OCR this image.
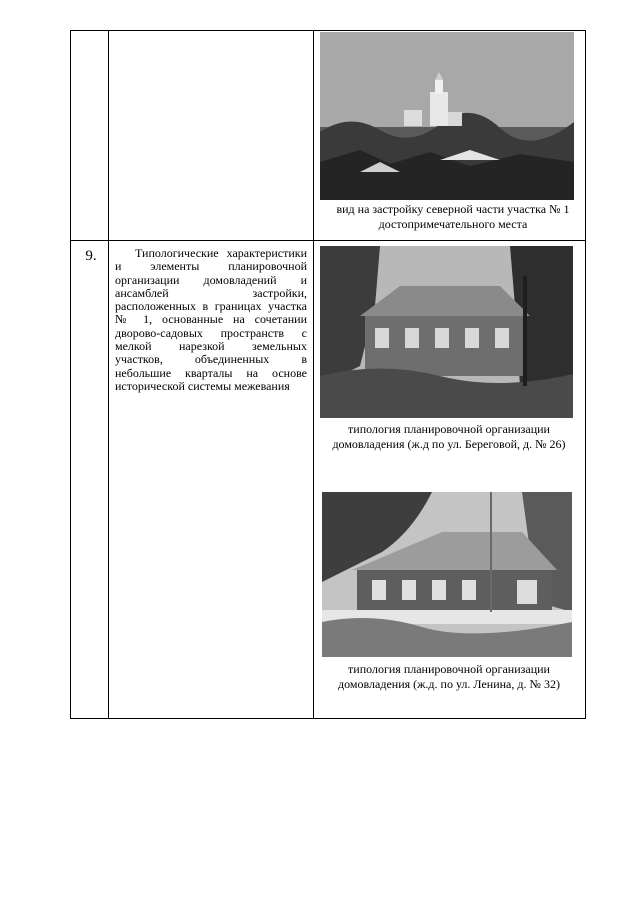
вид на застройку северной части участка № 1 достопримечательного места
9.	Типологические характеристики и элементы планировочной организации домовладений и ансамблей застройки, расположенных в границах участка № 1, основанные на сочетании дворово-садовых пространств с мелкой нарезкой земельных участков, объединенных в небольшие кварталы на основе исторической системы межевания
типология планировочной организации домовладения (ж.д по ул. Береговой, д. № 26)
типология планировочной организации домовладения (ж.д. по ул. Ленина, д. № 32)
